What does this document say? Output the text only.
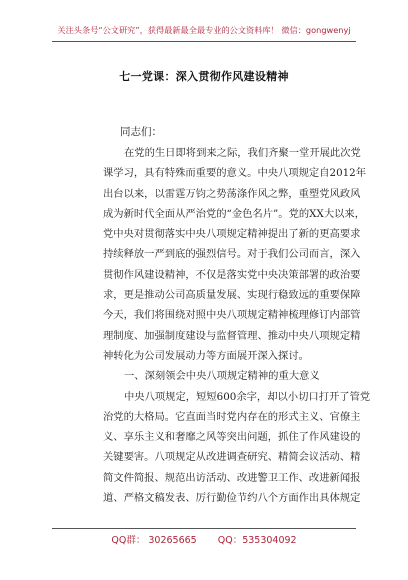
关注头条号“公文研究”，获得最新最全最专业的公文资料库！ 微信：gongwenyj
七一党课：深入贯彻作风建设精神
同志们：
在党的生日即将到来之际，我们齐聚一堂开展此次党
课学习，具有特殊而重要的意义。中央八项规定自2012年
出台以来，以雷霆万钧之势荡涤作风之弊，重塑党风政风
成为新时代全面从严治党的“金色名片”。党的XX大以来，
党中央对贯彻落实中央八项规定精神提出了新的更高要求
持续释放一严到底的强烈信号。对于我们公司而言，深入
贯彻作风建设精神，不仅是落实党中央决策部署的政治要
求，更是推动公司高质量发展、实现行稳致远的重要保障
今天，我们将围绕对照中央八项规定精神梳理修订内部管
理制度、加强制度建设与监督管理、推动中央八项规定精
神转化为公司发展动力等方面展开深入探讨。
一、深刻领会中央八项规定精神的重大意义
中央八项规定，短短600余字，却以小切口打开了管党
治党的大格局。它直面当时党内存在的形式主义、官僚主
义、享乐主义和奢靡之风等突出问题，抓住了作风建设的
关键要害。八项规定从改进调查研究、精简会议活动、精
简文件简报、规范出访活动、改进警卫工作、改进新闻报
道、严格文稿发表、厉行勤俭节约八个方面作出具体规定
QQ群： 30265665 QQ：535304092
